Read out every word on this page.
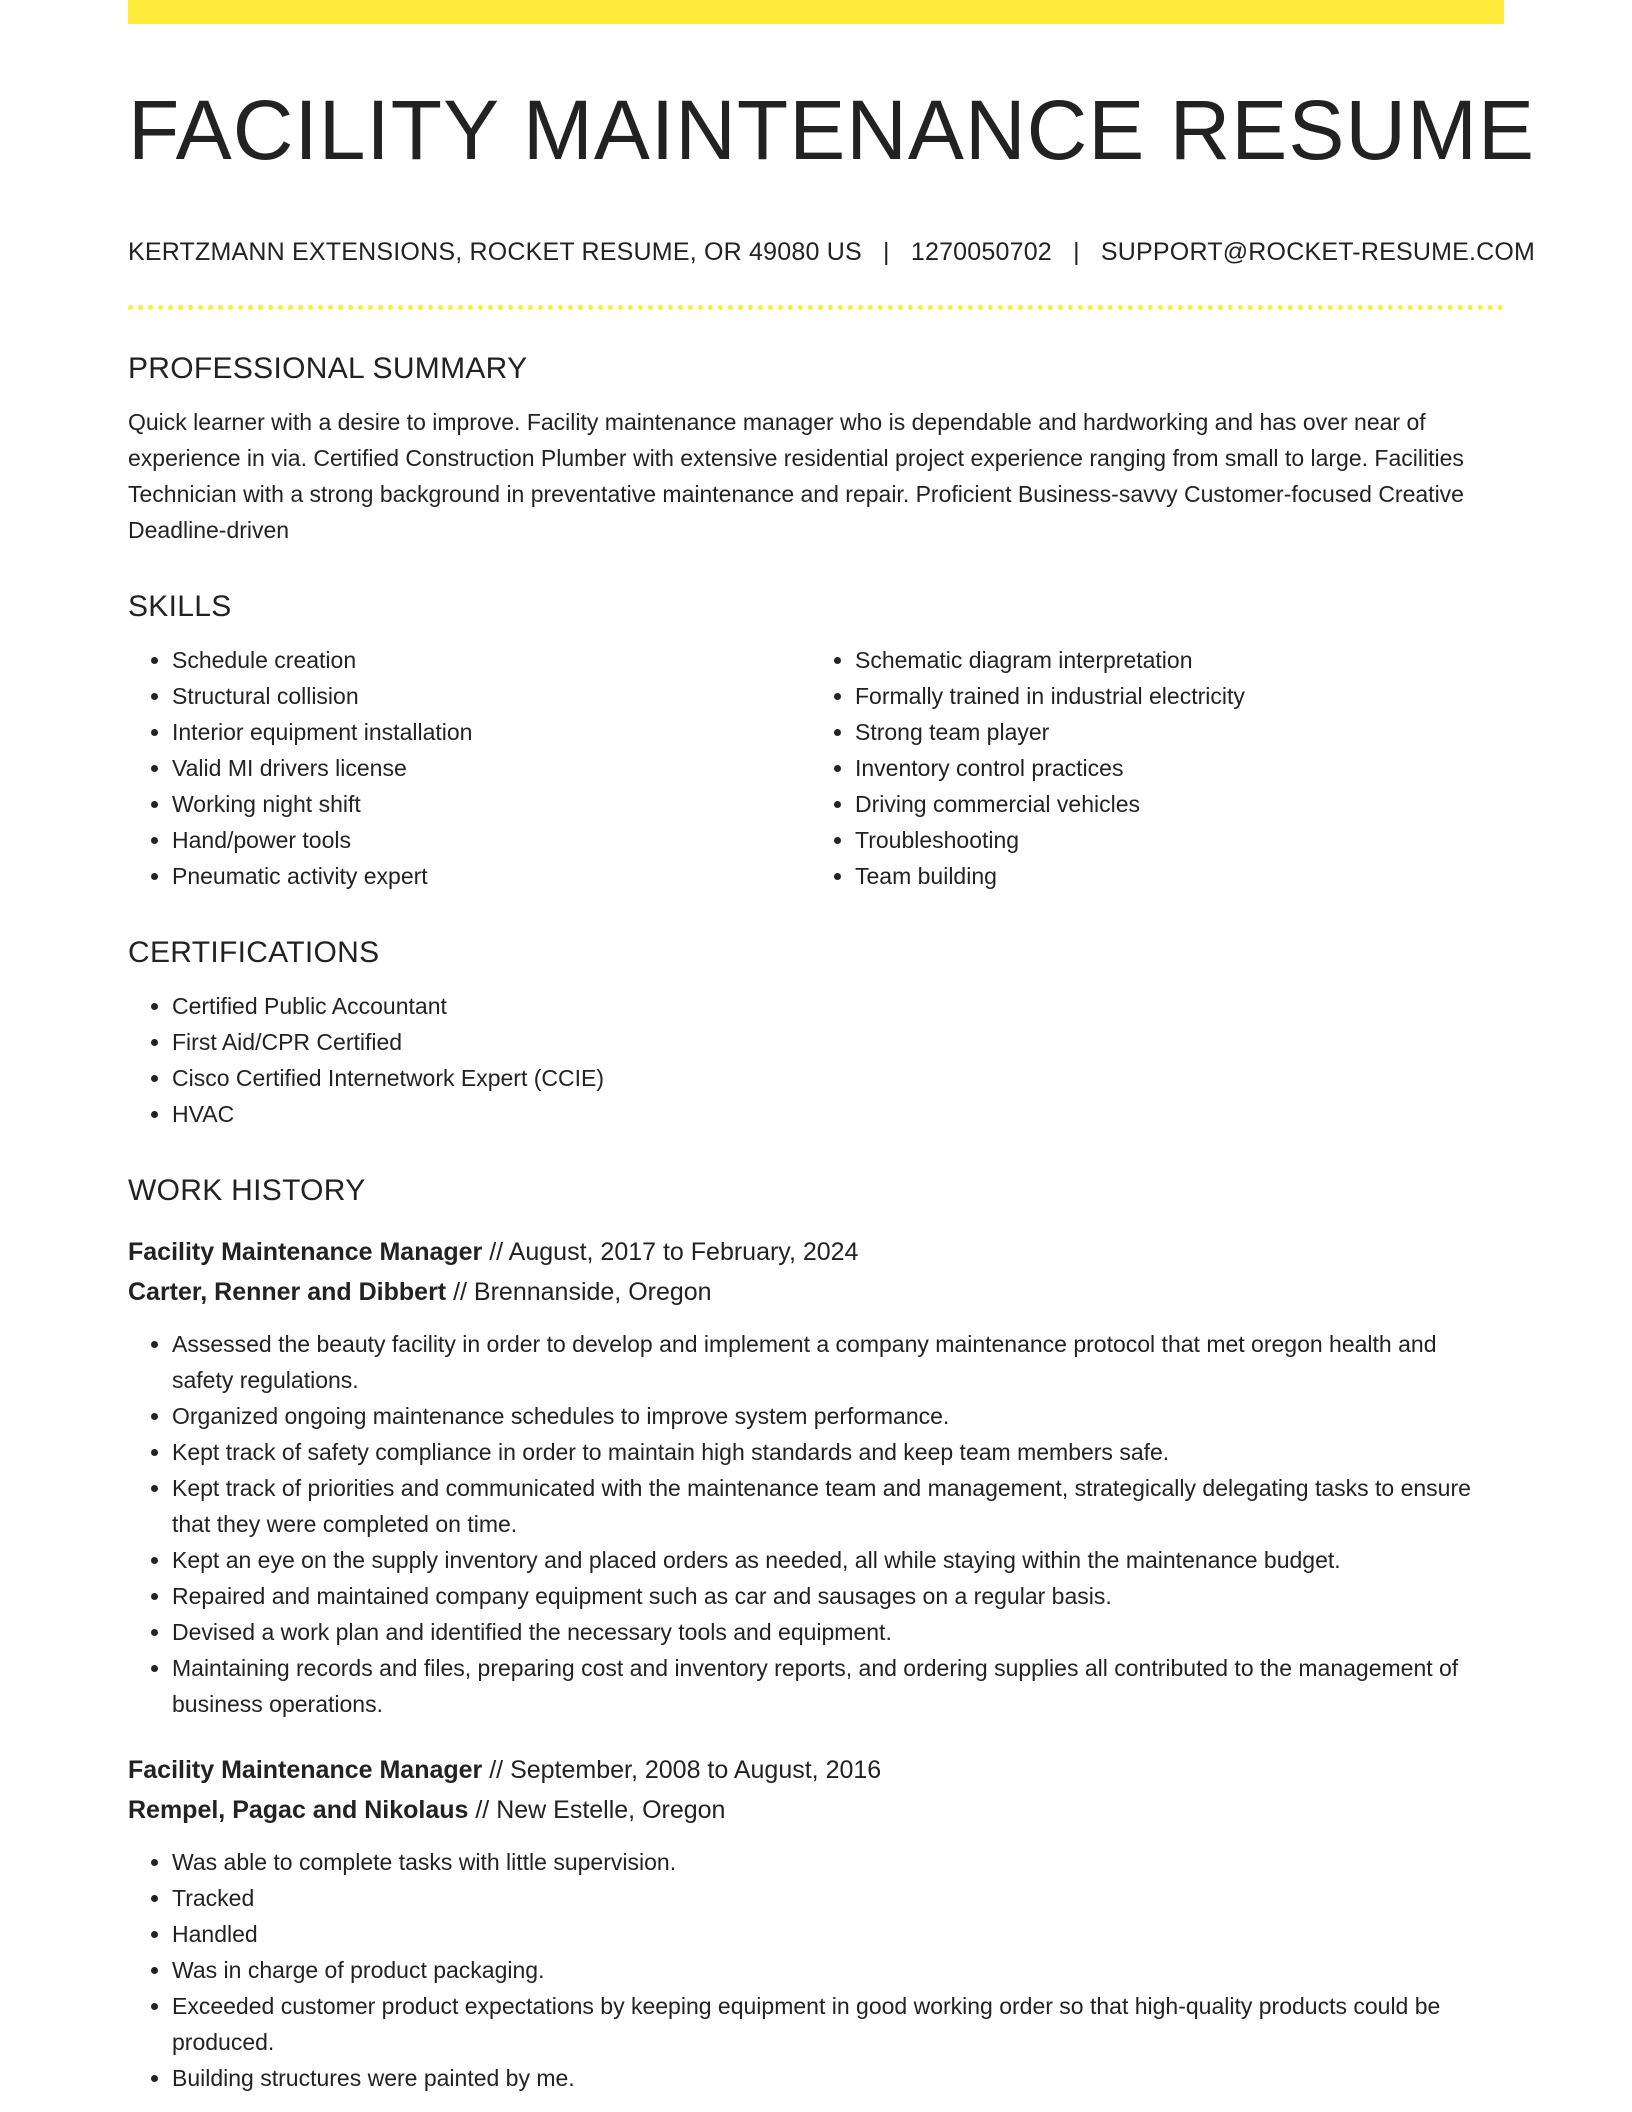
FACILITY MAINTENANCE RESUME
KERTZMANN EXTENSIONS, ROCKET RESUME, OR 49080 US | 1270050702 | SUPPORT@ROCKET-RESUME.COM
PROFESSIONAL SUMMARY

Quick learner with a desire to improve. Facility maintenance manager who is dependable and hardworking and has over near of experience in via. Certified Construction Plumber with extensive residential project experience ranging from small to large. Facilities Technician with a strong background in preventative maintenance and repair. Proficient Business-savvy Customer-focused Creative Deadline-driven

SKILLS
• Schedule creation
• Structural collision
• Interior equipment installation
• Valid MI drivers license
• Working night shift
• Hand/power tools
• Pneumatic activity expert
• Schematic diagram interpretation
• Formally trained in industrial electricity
• Strong team player
• Inventory control practices
• Driving commercial vehicles
• Troubleshooting
• Team building
CERTIFICATIONS
• Certified Public Accountant
• First Aid/CPR Certified
• Cisco Certified Internetwork Expert (CCIE)
• HVAC
WORK HISTORY
Facility Maintenance Manager // August, 2017 to February, 2024
Carter, Renner and Dibbert // Brennanside, Oregon
• Assessed the beauty facility in order to develop and implement a company maintenance protocol that met oregon health and safety regulations.
• Organized ongoing maintenance schedules to improve system performance.
• Kept track of safety compliance in order to maintain high standards and keep team members safe.
• Kept track of priorities and communicated with the maintenance team and management, strategically delegating tasks to ensure that they were completed on time.
• Kept an eye on the supply inventory and placed orders as needed, all while staying within the maintenance budget.
• Repaired and maintained company equipment such as car and sausages on a regular basis.
• Devised a work plan and identified the necessary tools and equipment.
• Maintaining records and files, preparing cost and inventory reports, and ordering supplies all contributed to the management of business operations.
Facility Maintenance Manager // September, 2008 to August, 2016
Rempel, Pagac and Nikolaus // New Estelle, Oregon
• Was able to complete tasks with little supervision.
• Tracked
• Handled
• Was in charge of product packaging.
• Exceeded customer product expectations by keeping equipment in good working order so that high-quality products could be produced.
• Building structures were painted by me.
